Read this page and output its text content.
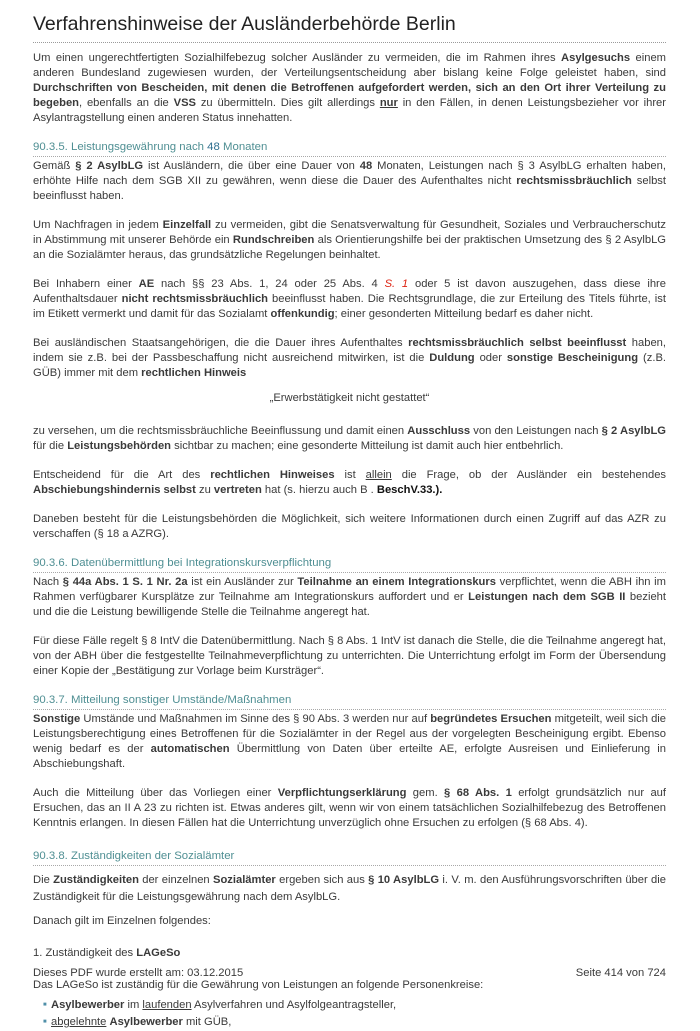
Verfahrenshinweise der Ausländerbehörde Berlin

Um einen ungerechtfertigten Sozialhilfebezug solcher Ausländer zu vermeiden, die im Rahmen ihres Asylgesuchs einem anderen Bundesland zugewiesen wurden, der Verteilungsentscheidung aber bislang keine Folge geleistet haben, sind Durchschriften von Bescheiden, mit denen die Betroffenen aufgefordert werden, sich an den Ort ihrer Verteilung zu begeben, ebenfalls an die VSS zu übermitteln. Dies gilt allerdings nur in den Fällen, in denen Leistungsbezieher vor ihrer Asylantragstellung einen anderen Status innehatten.

90.3.5. Leistungsgewährung nach 48 Monaten

Gemäß § 2 AsylbLG ist Ausländern, die über eine Dauer von 48 Monaten, Leistungen nach § 3 AsylbLG erhalten haben, erhöhte Hilfe nach dem SGB XII zu gewähren, wenn diese die Dauer des Aufenthaltes nicht rechtsmissbräuchlich selbst beeinflusst haben.

Um Nachfragen in jedem Einzelfall zu vermeiden, gibt die Senatsverwaltung für Gesundheit, Soziales und Verbraucherschutz in Abstimmung mit unserer Behörde ein Rundschreiben als Orientierungshilfe bei der praktischen Umsetzung des § 2 AsylbLG an die Sozialämter heraus, das grundsätzliche Regelungen beinhaltet.

Bei Inhabern einer AE nach §§ 23 Abs. 1, 24 oder 25 Abs. 4 S. 1 oder 5 ist davon auszugehen, dass diese ihre Aufenthaltsdauer nicht rechtsmissbräuchlich beeinflusst haben. Die Rechtsgrundlage, die zur Erteilung des Titels führte, ist im Etikett vermerkt und damit für das Sozialamt offenkundig; einer gesonderten Mitteilung bedarf es daher nicht.

Bei ausländischen Staatsangehörigen, die die Dauer ihres Aufenthaltes rechtsmissbräuchlich selbst beeinflusst haben, indem sie z.B. bei der Passbeschaffung nicht ausreichend mitwirken, ist die Duldung oder sonstige Bescheinigung (z.B. GÜB) immer mit dem rechtlichen Hinweis

„Erwerbstätigkeit nicht gestattet“

zu versehen, um die rechtsmissbräuchliche Beeinflussung und damit einen Ausschluss von den Leistungen nach § 2 AsylbLG für die Leistungsbehörden sichtbar zu machen; eine gesonderte Mitteilung ist damit auch hier entbehrlich.

Entscheidend für die Art des rechtlichen Hinweises ist allein die Frage, ob der Ausländer ein bestehendes Abschiebungshindernis selbst zu vertreten hat (s. hierzu auch B . BeschV.33.).

Daneben besteht für die Leistungsbehörden die Möglichkeit, sich weitere Informationen durch einen Zugriff auf das AZR zu verschaffen (§ 18 a AZRG).

90.3.6. Datenübermittlung bei Integrationskursverpflichtung

Nach § 44a Abs. 1 S. 1 Nr. 2a ist ein Ausländer zur Teilnahme an einem Integrationskurs verpflichtet, wenn die ABH ihn im Rahmen verfügbarer Kursplätze zur Teilnahme am Integrationskurs auffordert und er Leistungen nach dem SGB II bezieht und die die Leistung bewilligende Stelle die Teilnahme angeregt hat.

Für diese Fälle regelt § 8 IntV die Datenübermittlung. Nach § 8 Abs. 1 IntV ist danach die Stelle, die die Teilnahme angeregt hat, von der ABH über die festgestellte Teilnahmeverpflichtung zu unterrichten. Die Unterrichtung erfolgt im Form der Übersendung einer Kopie der „Bestätigung zur Vorlage beim Kursträger“.

90.3.7. Mitteilung sonstiger Umstände/Maßnahmen

Sonstige Umstände und Maßnahmen im Sinne des § 90 Abs. 3 werden nur auf begründetes Ersuchen mitgeteilt, weil sich die Leistungsberechtigung eines Betroffenen für die Sozialämter in der Regel aus der vorgelegten Bescheinigung ergibt. Ebenso wenig bedarf es der automatischen Übermittlung von Daten über erteilte AE, erfolgte Ausreisen und Einlieferung in Abschiebungshaft.

Auch die Mitteilung über das Vorliegen einer Verpflichtungserklärung gem. § 68 Abs. 1 erfolgt grundsätzlich nur auf Ersuchen, das an II A 23 zu richten ist. Etwas anderes gilt, wenn wir von einem tatsächlichen Sozialhilfebezug des Betroffenen Kenntnis erlangen. In diesen Fällen hat die Unterrichtung unverzüglich ohne Ersuchen zu erfolgen (§ 68 Abs. 4).

90.3.8. Zuständigkeiten der Sozialämter

Die Zuständigkeiten der einzelnen Sozialämter ergeben sich aus § 10 AsylbLG i. V. m. den Ausführungsvorschriften über die Zuständigkeit für die Leistungsgewährung nach dem AsylbLG.

Danach gilt im Einzelnen folgendes:

1. Zuständigkeit des LAGeSo

Das LAGeSo ist zuständig für die Gewährung von Leistungen an folgende Personenkreise:

■ Asylbewerber im laufenden Asylverfahren und Asylfolgeantragsteller,
■ abgelehnte Asylbewerber mit GÜB,
Dieses PDF wurde erstellt am: 03.12.2015	Seite 414 von 724
